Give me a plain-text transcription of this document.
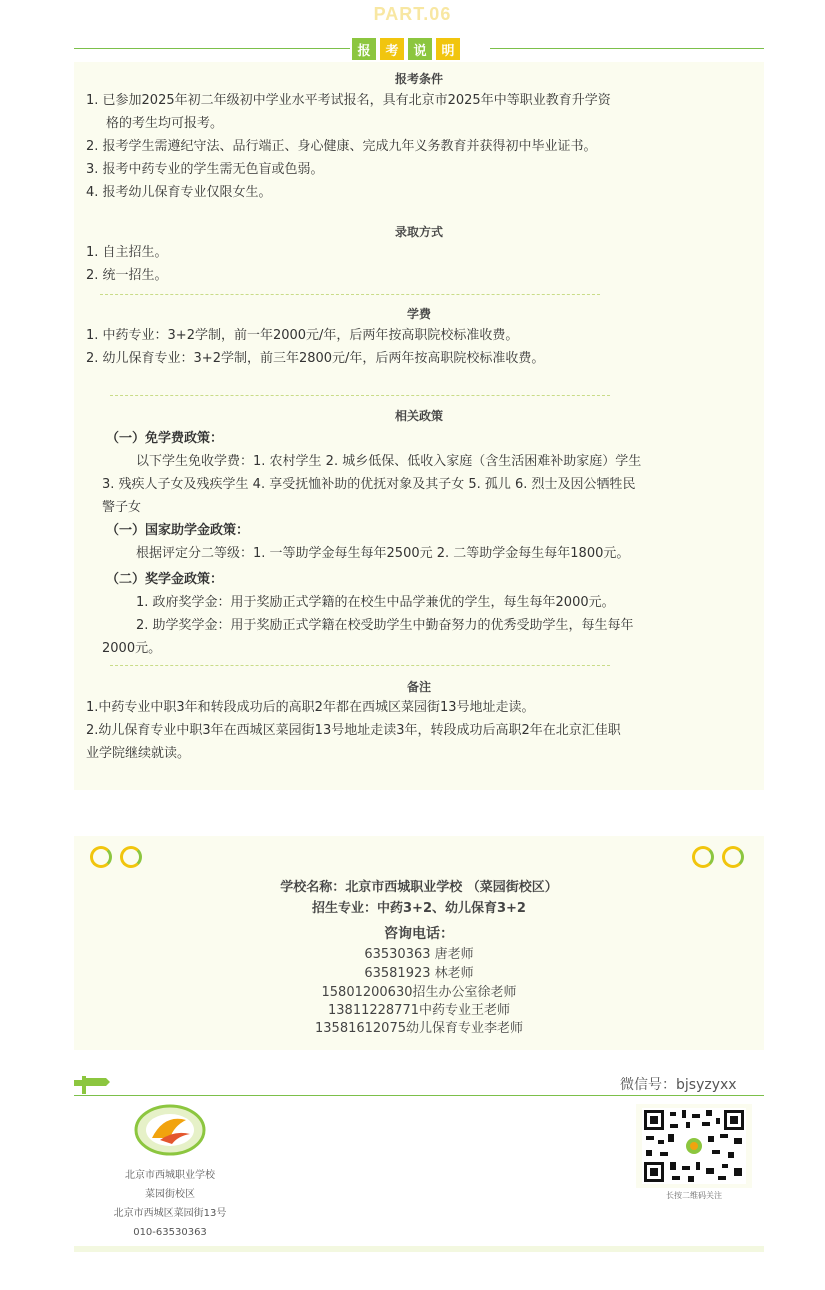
PART.06
报	考	说	明
报考条件
1. 已参加2025年初二年级初中学业水平考试报名，具有北京市2025年中等职业教育升学资
格的考生均可报考。
2. 报考学生需遵纪守法、品行端正、身心健康、完成九年义务教育并获得初中毕业证书。
3. 报考中药专业的学生需无色盲或色弱。
4. 报考幼儿保育专业仅限女生。
录取方式
1. 自主招生。
2. 统一招生。
学费
1. 中药专业：3+2学制，前一年2000元/年，后两年按高职院校标准收费。
2. 幼儿保育专业：3+2学制，前三年2800元/年，后两年按高职院校标准收费。
相关政策
（一）免学费政策：
以下学生免收学费：1. 农村学生 2. 城乡低保、低收入家庭（含生活困难补助家庭）学生
3. 残疾人子女及残疾学生 4. 享受抚恤补助的优抚对象及其子女 5. 孤儿 6. 烈士及因公牺牲民
警子女
（一）国家助学金政策：
根据评定分二等级：1. 一等助学金每生每年2500元 2. 二等助学金每生每年1800元。
（二）奖学金政策：
1. 政府奖学金：用于奖励正式学籍的在校生中品学兼优的学生，每生每年2000元。
2. 助学奖学金：用于奖励正式学籍在校受助学生中勤奋努力的优秀受助学生，每生每年
2000元。
备注
1.中药专业中职3年和转段成功后的高职2年都在西城区菜园街13号地址走读。
2.幼儿保育专业中职3年在西城区菜园街13号地址走读3年，转段成功后高职2年在北京汇佳职
业学院继续就读。
学校名称：北京市西城职业学校 （菜园街校区）
招生专业：中药3+2、幼儿保育3+2
咨询电话：
63530363 唐老师
63581923 林老师
15801200630招生办公室徐老师
13811228771中药专业王老师
13581612075幼儿保育专业李老师
微信号：bjsyzyxx
北京市西城职业学校
菜园街校区
北京市西城区菜园街13号
010-63530363
长按二维码关注
